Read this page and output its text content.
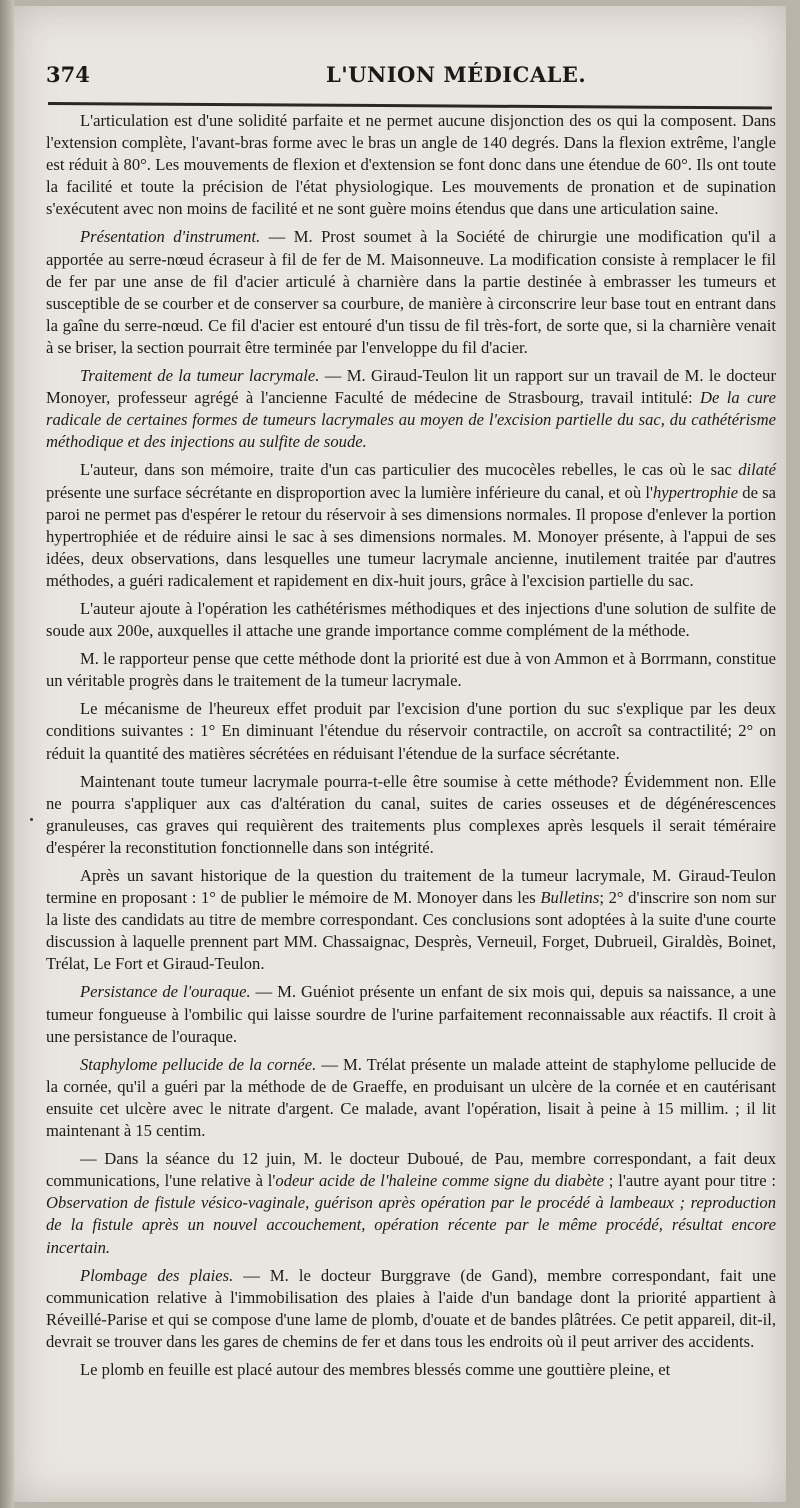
374	L'UNION MÉDICALE.

L'articulation est d'une solidité parfaite et ne permet aucune disjonction des os qui la composent. Dans l'extension complète, l'avant-bras forme avec le bras un angle de 140 degrés. Dans la flexion extrême, l'angle est réduit à 80°. Les mouvements de flexion et d'extension se font donc dans une étendue de 60°. Ils ont toute la facilité et toute la précision de l'état physiologique. Les mouvements de pronation et de supination s'exécutent avec non moins de facilité et ne sont guère moins étendus que dans une articulation saine.

Présentation d'instrument. — M. Prost soumet à la Société de chirurgie une modification qu'il a apportée au serre-nœud écraseur à fil de fer de M. Maisonneuve. La modification consiste à remplacer le fil de fer par une anse de fil d'acier articulé à charnière dans la partie destinée à embrasser les tumeurs et susceptible de se courber et de conserver sa courbure, de manière à circonscrire leur base tout en entrant dans la gaîne du serre-nœud. Ce fil d'acier est entouré d'un tissu de fil très-fort, de sorte que, si la charnière venait à se briser, la section pourrait être terminée par l'enveloppe du fil d'acier.

Traitement de la tumeur lacrymale. — M. Giraud-Teulon lit un rapport sur un travail de M. le docteur Monoyer, professeur agrégé à l'ancienne Faculté de médecine de Strasbourg, travail intitulé: De la cure radicale de certaines formes de tumeurs lacrymales au moyen de l'excision partielle du sac, du cathétérisme méthodique et des injections au sulfite de soude.

L'auteur, dans son mémoire, traite d'un cas particulier des mucocèles rebelles, le cas où le sac dilaté présente une surface sécrétante en disproportion avec la lumière inférieure du canal, et où l'hypertrophie de sa paroi ne permet pas d'espérer le retour du réservoir à ses dimensions normales. Il propose d'enlever la portion hypertrophiée et de réduire ainsi le sac à ses dimensions normales. M. Monoyer présente, à l'appui de ses idées, deux observations, dans lesquelles une tumeur lacrymale ancienne, inutilement traitée par d'autres méthodes, a guéri radicalement et rapidement en dix-huit jours, grâce à l'excision partielle du sac.

L'auteur ajoute à l'opération les cathétérismes méthodiques et des injections d'une solution de sulfite de soude aux 200e, auxquelles il attache une grande importance comme complément de la méthode.

M. le rapporteur pense que cette méthode dont la priorité est due à von Ammon et à Borrmann, constitue un véritable progrès dans le traitement de la tumeur lacrymale.

Le mécanisme de l'heureux effet produit par l'excision d'une portion du suc s'explique par les deux conditions suivantes : 1° En diminuant l'étendue du réservoir contractile, on accroît sa contractilité; 2° on réduit la quantité des matières sécrétées en réduisant l'étendue de la surface sécrétante.

Maintenant toute tumeur lacrymale pourra-t-elle être soumise à cette méthode? Évidemment non. Elle ne pourra s'appliquer aux cas d'altération du canal, suites de caries osseuses et de dégénérescences granuleuses, cas graves qui requièrent des traitements plus complexes après lesquels il serait téméraire d'espérer la reconstitution fonctionnelle dans son intégrité.

Après un savant historique de la question du traitement de la tumeur lacrymale, M. Giraud-Teulon termine en proposant : 1° de publier le mémoire de M. Monoyer dans les Bulletins; 2° d'inscrire son nom sur la liste des candidats au titre de membre correspondant. Ces conclusions sont adoptées à la suite d'une courte discussion à laquelle prennent part MM. Chassaignac, Desprès, Verneuil, Forget, Dubrueil, Giraldès, Boinet, Trélat, Le Fort et Giraud-Teulon.

Persistance de l'ouraque. — M. Guéniot présente un enfant de six mois qui, depuis sa naissance, a une tumeur fongueuse à l'ombilic qui laisse sourdre de l'urine parfaitement reconnaissable aux réactifs. Il croit à une persistance de l'ouraque.

Staphylome pellucide de la cornée. — M. Trélat présente un malade atteint de staphylome pellucide de la cornée, qu'il a guéri par la méthode de de Graeffe, en produisant un ulcère de la cornée et en cautérisant ensuite cet ulcère avec le nitrate d'argent. Ce malade, avant l'opération, lisait à peine à 15 millim. ; il lit maintenant à 15 centim.

— Dans la séance du 12 juin, M. le docteur Duboué, de Pau, membre correspondant, a fait deux communications, l'une relative à l'odeur acide de l'haleine comme signe du diabète ; l'autre ayant pour titre : Observation de fistule vésico-vaginale, guérison après opération par le procédé à lambeaux ; reproduction de la fistule après un nouvel accouchement, opération récente par le même procédé, résultat encore incertain.

Plombage des plaies. — M. le docteur Burggrave (de Gand), membre correspondant, fait une communication relative à l'immobilisation des plaies à l'aide d'un bandage dont la priorité appartient à Réveillé-Parise et qui se compose d'une lame de plomb, d'ouate et de bandes plâtrées. Ce petit appareil, dit-il, devrait se trouver dans les gares de chemins de fer et dans tous les endroits où il peut arriver des accidents.

Le plomb en feuille est placé autour des membres blessés comme une gouttière pleine, et
